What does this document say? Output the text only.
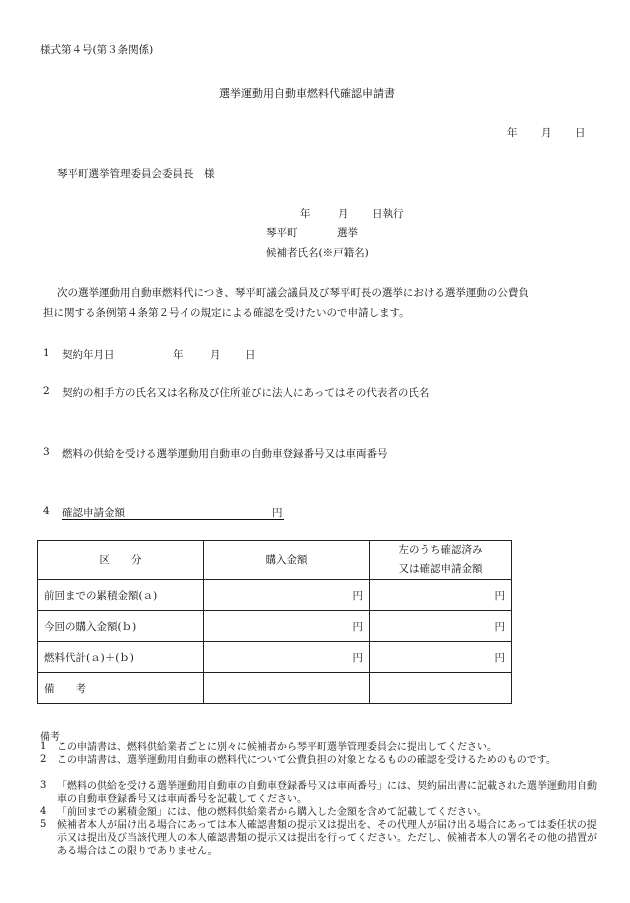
様式第４号(第３条関係)
選挙運動用自動車燃料代確認申請書
年 月 日
琴平町選挙管理委員会委員長　様
年	月 日執行
琴平町	選挙
候補者氏名(※戸籍名)
次の選挙運動用自動車燃料代につき、琴平町議会議員及び琴平町長の選挙における選挙運動の公費負
担に関する条例第４条第２号イの規定による確認を受けたいので申請します。
1 契約年月日	年	月 日
2 契約の相手方の氏名又は名称及び住所並びに法人にあってはその代表者の氏名
3 燃料の供給を受ける選挙運動用自動車の自動車登録番号又は車両番号
4 確認申請金額	円
区　　分	購入金額	左のうち確認済み
又は確認申請金額

前回までの累積金額(ａ)	円	円
今回の購入金額(ｂ)	円	円
燃料代計(ａ)＋(ｂ)	円	円
備　　考		
備考
1 この申請書は、燃料供給業者ごとに別々に候補者から琴平町選挙管理委員会に提出してください。
2 この申請書は、選挙運動用自動車の燃料代について公費負担の対象となるものの確認を受けるためのものです。
3 「燃料の供給を受ける選挙運動用自動車の自動車登録番号又は車両番号」には、契約届出書に記載された選挙運動用自動車の自動車登録番号又は車両番号を記載してください。
4 「前回までの累積金額」には、他の燃料供給業者から購入した金額を含めて記載してください。
5 候補者本人が届け出る場合にあっては本人確認書類の提示又は提出を、その代理人が届け出る場合にあっては委任状の提示又は提出及び当該代理人の本人確認書類の提示又は提出を行ってください。ただし、候補者本人の署名その他の措置がある場合はこの限りでありません。
